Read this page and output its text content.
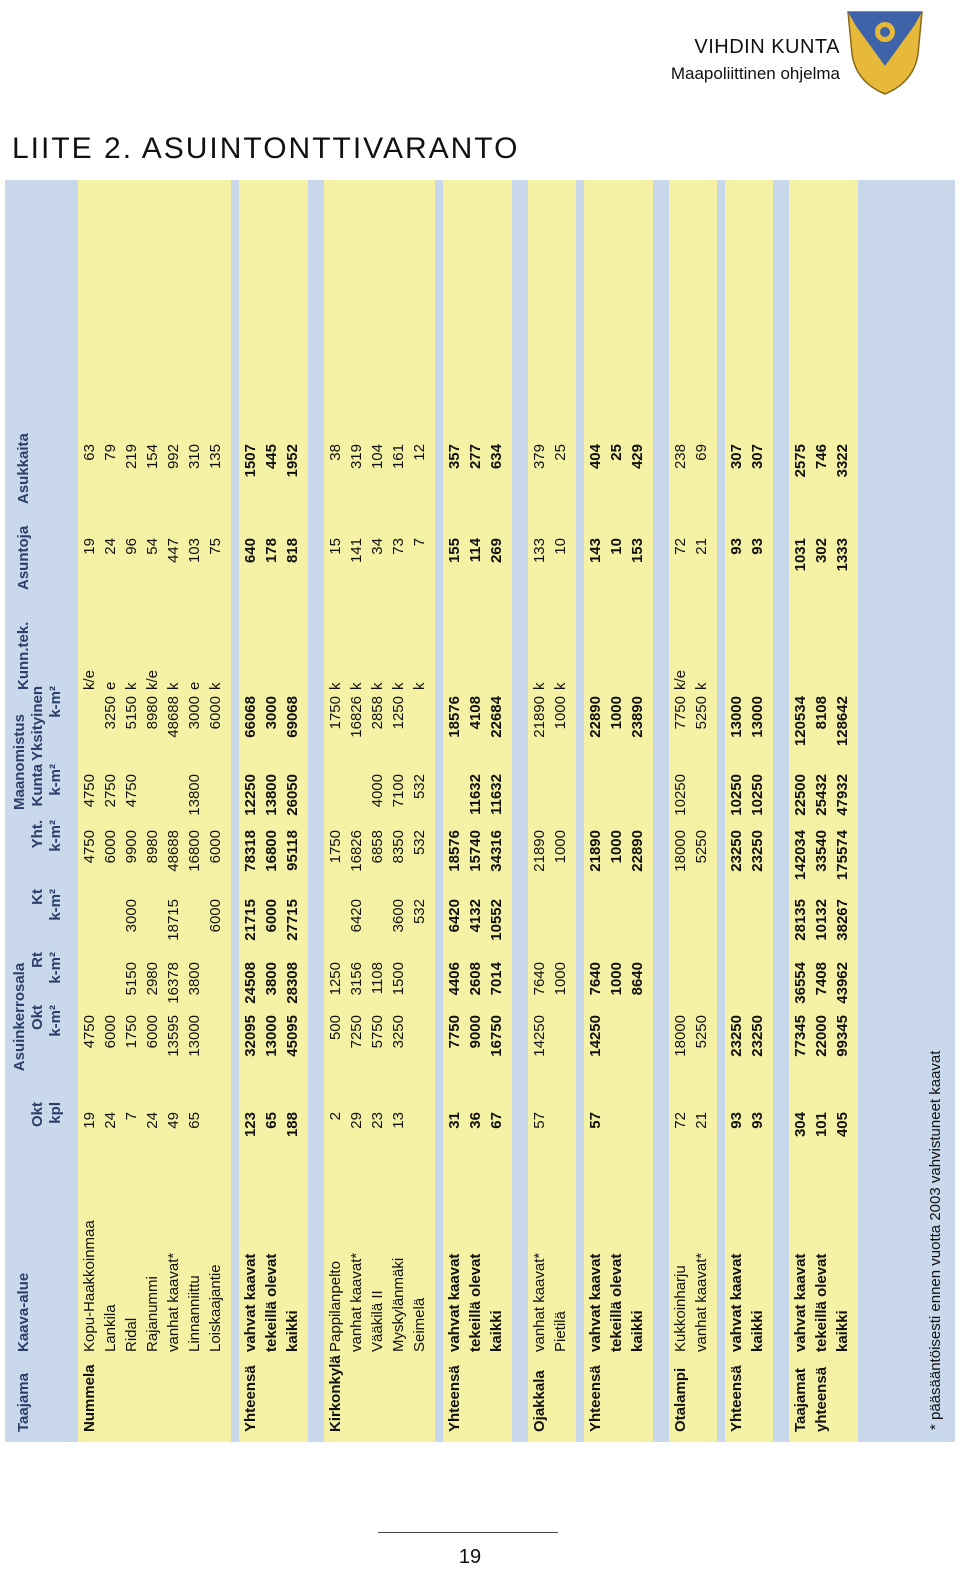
VIHDIN KUNTA
Maapoliittinen ohjelma
LIITE 2. ASUINTONTTIVARANTO
Asuinkerrosala
Maanomistus
Taajama
Kaava-alue
Okt kpl
Okt k-m²
Rt k-m²
Kt k-m²
Yht. k-m²
Kunta k-m²
Yksityinen k-m²
Kunn.tek.
Asuntoja
Asukkaita
Nummela
Kopu-Haakkoinmaa
19
4750
4750
4750
k/e
19
63
Lankila
24
6000
6000
2750
3250
e
24
79
Ridal
7
1750
5150
3000
9900
4750
5150
k
96
219
Rajanummi
24
6000
2980
8980
8980
k/e
54
154
vanhat kaavat*
49
13595
16378
18715
48688
48688
k
447
992
Linnanniittu
65
13000
3800
16800
13800
3000
e
103
310
Loiskaajantie
6000
6000
6000
k
75
135
Yhteensä
vahvat kaavat
123
32095
24508
21715
78318
12250
66068
640
1507
tekeillä olevat
65
13000
3800
6000
16800
13800
3000
178
445
kaikki
188
45095
28308
27715
95118
26050
69068
818
1952
Kirkonkylä
Pappilanpelto
2
500
1250
1750
1750
k
15
38
vanhat kaavat*
29
7250
3156
6420
16826
16826
k
141
319
Vääkilä II
23
5750
1108
6858
4000
2858
k
34
104
Myskylänmäki
13
3250
1500
3600
8350
7100
1250
k
73
161
Seimelä
532
532
532
k
7
12
Yhteensä
vahvat kaavat
31
7750
4406
6420
18576
18576
155
357
tekeillä olevat
36
9000
2608
4132
15740
11632
4108
114
277
kaikki
67
16750
7014
10552
34316
11632
22684
269
634
Ojakkala
vanhat kaavat*
57
14250
7640
21890
21890
k
133
379
Pietilä
1000
1000
1000
k
10
25
Yhteensä
vahvat kaavat
57
14250
7640
21890
22890
143
404
tekeillä olevat
1000
1000
1000
10
25
kaikki
8640
22890
23890
153
429
Otalampi
Kukkoinharju
72
18000
18000
10250
7750
k/e
72
238
vanhat kaavat*
21
5250
5250
5250
k
21
69
Yhteensä
vahvat kaavat
93
23250
23250
10250
13000
93
307
kaikki
93
23250
23250
10250
13000
93
307
Taajamat
vahvat kaavat
304
77345
36554
28135
142034
22500
120534
1031
2575
yhteensä
tekeillä olevat
101
22000
7408
10132
33540
25432
8108
302
746
kaikki
405
99345
43962
38267
175574
47932
128642
1333
3322
* pääsääntöisesti ennen vuotta 2003 vahvistuneet kaavat
19
